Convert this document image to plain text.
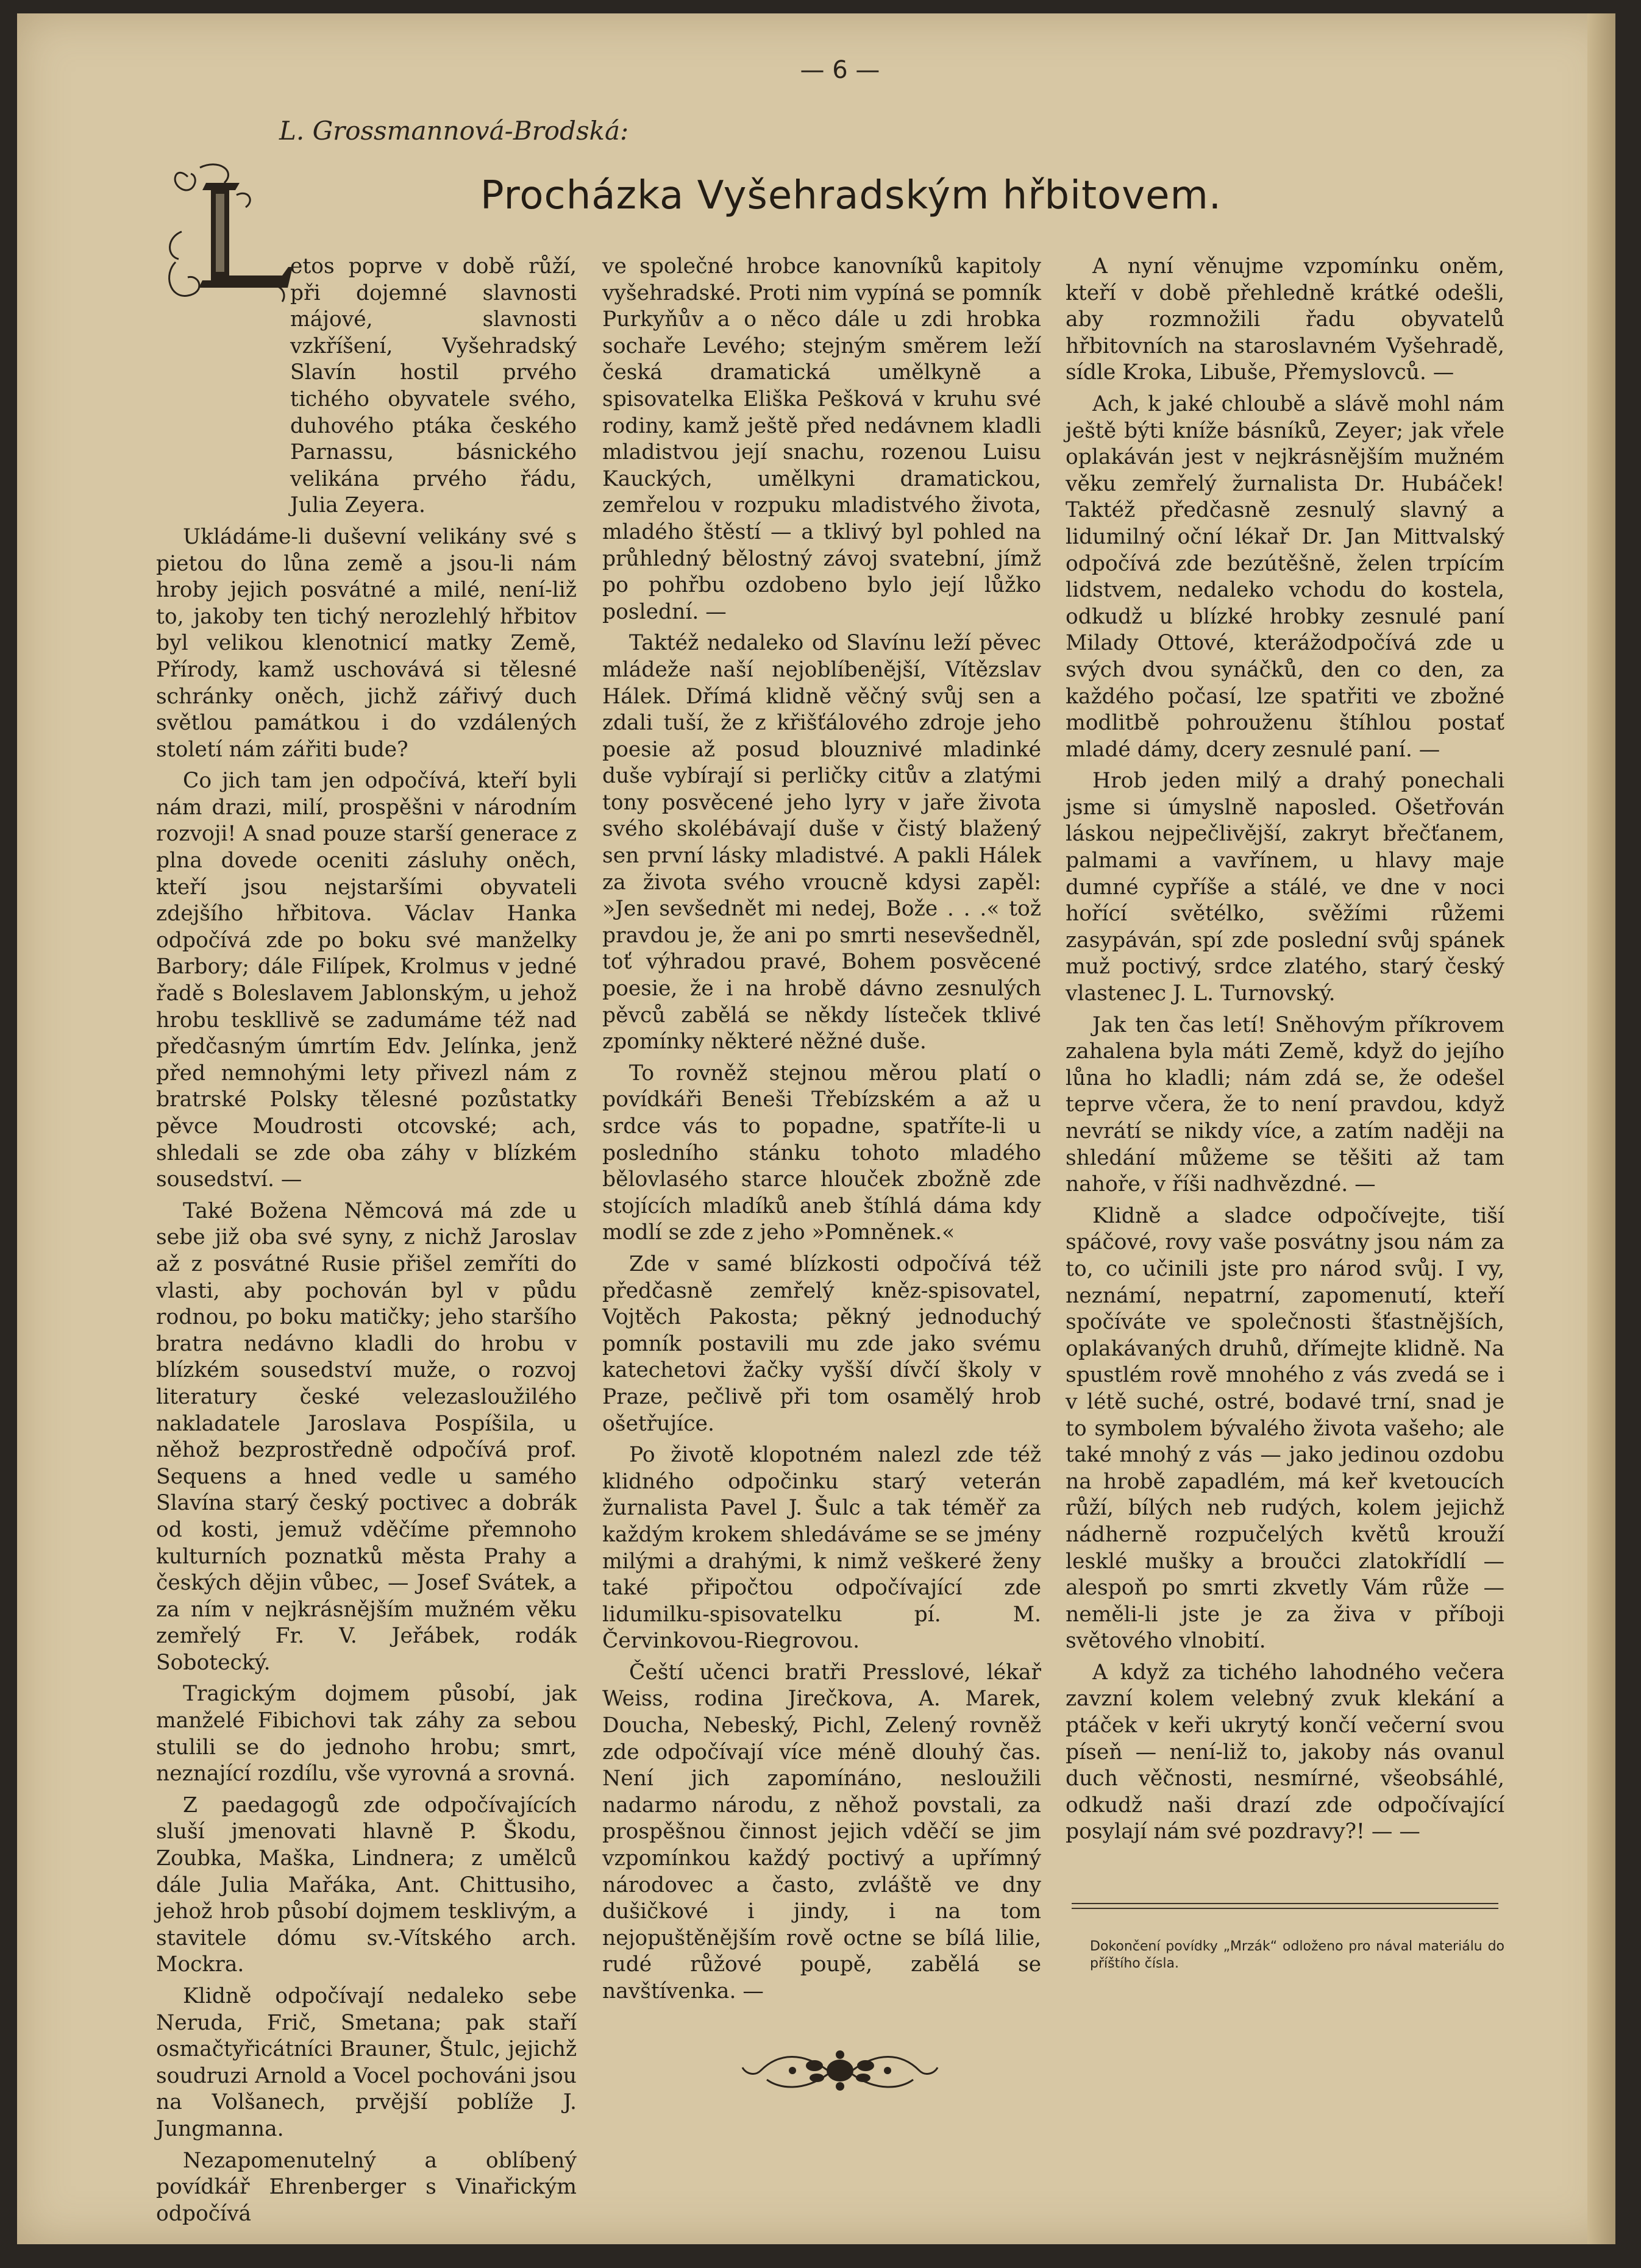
— 6 —
L. Grossmannová-Brodská:
Procházka Vyšehradským hřbitovem.

etos poprve v době růží, při dojemné slavnosti májové, slavnosti vzkříšení, Vyšehradský Slavín hostil prvého tichého obyvatele svého, duhového ptáka českého Parnassu, básnického velikána prvého řádu, Julia Zeyera.

Ukládáme-li duševní velikány své s pietou do lůna země a jsou-li nám hroby jejich posvátné a milé, není-liž to, jakoby ten tichý nerozlehlý hřbitov byl velikou klenotnicí matky Země, Přírody, kamž uschovává si tělesné schránky oněch, jichž zářivý duch světlou památkou i do vzdálených století nám zářiti bude?

Co jich tam jen odpočívá, kteří byli nám drazi, milí, prospěšni v národním rozvoji! A snad pouze starší generace z plna dovede oceniti zásluhy oněch, kteří jsou nejstaršími obyvateli zdejšího hřbitova. Václav Hanka odpočívá zde po boku své manželky Barbory; dále Filípek, Krolmus v jedné řadě s Boleslavem Jablonským, u jehož hrobu teskllivě se zadumáme též nad předčasným úmrtím Edv. Jelínka, jenž před nemnohými lety přivezl nám z bratrské Polsky tělesné pozůstatky pěvce Moudrosti otcovské; ach, shledali se zde oba záhy v blízkém sousedství. —

Také Božena Němcová má zde u sebe již oba své syny, z nichž Jaroslav až z posvátné Rusie přišel zemříti do vlasti, aby pochován byl v půdu rodnou, po boku matičky; jeho staršího bratra nedávno kladli do hrobu v blízkém sousedství muže, o rozvoj literatury české velezasloužilého nakladatele Jaroslava Pospíšila, u něhož bezprostředně odpočívá prof. Sequens a hned vedle u samého Slavína starý český poctivec a dobrák od kosti, jemuž vděčíme přemnoho kulturních poznatků města Prahy a českých dějin vůbec, — Josef Svátek, a za ním v nejkrásnějším mužném věku zemřelý Fr. V. Jeřábek, rodák Sobotecký.

Tragickým dojmem působí, jak manželé Fibichovi tak záhy za sebou stulili se do jednoho hrobu; smrt, neznající rozdílu, vše vyrovná a srovná.

Z paedagogů zde odpočívajících sluší jmenovati hlavně P. Škodu, Zoubka, Maška, Lindnera; z umělců dále Julia Mařáka, Ant. Chittusiho, jehož hrob působí dojmem tesklivým, a stavitele dómu sv.-Vítského arch. Mockra.

Klidně odpočívají nedaleko sebe Neruda, Frič, Smetana; pak staří osmačtyřicátníci Brauner, Štulc, jejichž soudruzi Arnold a Vocel pochováni jsou na Volšanech, prvější poblíže J. Jungmanna.

Nezapomenutelný a oblíbený povídkář Ehrenberger s Vinařickým odpočívá

ve společné hrobce kanovníků kapitoly vyšehradské. Proti nim vypíná se pomník Purkyňův a o něco dále u zdi hrobka sochaře Levého; stejným směrem leží česká dramatická umělkyně a spisovatelka Eliška Pešková v kruhu své rodiny, kamž ještě před nedávnem kladli mladistvou její snachu, rozenou Luisu Kauckých, umělkyni dramatickou, zemřelou v rozpuku mladistvého života, mladého štěstí — a tklivý byl pohled na průhledný bělostný závoj svatební, jímž po pohřbu ozdobeno bylo její lůžko poslední. —

Taktéž nedaleko od Slavínu leží pěvec mládeže naší nejoblíbenější, Vítězslav Hálek. Dřímá klidně věčný svůj sen a zdali tuší, že z křišťálového zdroje jeho poesie až posud blouznivé mladinké duše vybírají si perličky citův a zlatými tony posvěcené jeho lyry v jaře života svého skolébávají duše v čistý blažený sen první lásky mladistvé. A pakli Hálek za života svého vroucně kdysi zapěl: »Jen sevšednět mi nedej, Bože . . .« tož pravdou je, že ani po smrti nesevšedněl, toť výhradou pravé, Bohem posvěcené poesie, že i na hrobě dávno zesnulých pěvců zabělá se někdy lísteček tklivé zpomínky některé něžné duše.

To rovněž stejnou měrou platí o povídkáři Beneši Třebízském a až u srdce vás to popadne, spatříte-li u posledního stánku tohoto mladého bělovlasého starce hlouček zbožně zde stojících mladíků aneb štíhlá dáma kdy modlí se zde z jeho »Pomněnek.«

Zde v samé blízkosti odpočívá též předčasně zemřelý kněz-spisovatel, Vojtěch Pakosta; pěkný jednoduchý pomník postavili mu zde jako svému katechetovi žačky vyšší dívčí školy v Praze, pečlivě při tom osamělý hrob ošetřujíce.

Po životě klopotném nalezl zde též klidného odpočinku starý veterán žurnalista Pavel J. Šulc a tak téměř za každým krokem shledáváme se se jmény milými a drahými, k nimž veškeré ženy také připočtou odpočívající zde lidumilku-spisovatelku pí. M. Červinkovou-Riegrovou.

Čeští učenci bratři Presslové, lékař Weiss, rodina Jirečkova, A. Marek, Doucha, Nebeský, Pichl, Zelený rovněž zde odpočívají více méně dlouhý čas. Není jich zapomínáno, nesloužili nadarmo národu, z něhož povstali, za prospěšnou činnost jejich vděčí se jim vzpomínkou každý poctivý a upřímný národovec a často, zvláště ve dny dušičkové i jindy, i na tom nejopuštěnějším rově octne se bílá lilie, rudé růžové poupě, zabělá se navštívenka. —

A nyní věnujme vzpomínku oněm, kteří v době přehledně krátké odešli, aby rozmnožili řadu obyvatelů hřbitovních na staroslavném Vyšehradě, sídle Kroka, Libuše, Přemyslovců. —

Ach, k jaké chloubě a slávě mohl nám ještě býti kníže básníků, Zeyer; jak vřele oplakáván jest v nejkrásnějším mužném věku zemřelý žurnalista Dr. Hubáček! Taktéž předčasně zesnulý slavný a lidumilný oční lékař Dr. Jan Mittvalský odpočívá zde bezútěšně, želen trpícím lidstvem, nedaleko vchodu do kostela, odkudž u blízké hrobky zesnulé paní Milady Ottové, kterážodpočívá zde u svých dvou synáčků, den co den, za každého počasí, lze spatřiti ve zbožné modlitbě pohrouženu štíhlou postať mladé dámy, dcery zesnulé paní. —

Hrob jeden milý a drahý ponechali jsme si úmyslně naposled. Ošetřován láskou nejpečlivější, zakryt břečťanem, palmami a vavřínem, u hlavy maje dumné cypříše a stálé, ve dne v noci hořící světélko, svěžími růžemi zasypáván, spí zde poslední svůj spánek muž poctivý, srdce zlatého, starý český vlastenec J. L. Turnovský.

Jak ten čas letí! Sněhovým příkrovem zahalena byla máti Země, když do jejího lůna ho kladli; nám zdá se, že odešel teprve včera, že to není pravdou, když nevrátí se nikdy více, a zatím naději na shledání můžeme se těšiti až tam nahoře, v říši nadhvězdné. —

Klidně a sladce odpočívejte, tiší spáčové, rovy vaše posvátny jsou nám za to, co učinili jste pro národ svůj. I vy, neznámí, nepatrní, zapomenutí, kteří spočíváte ve společnosti šťastnějších, oplakávaných druhů, dřímejte klidně. Na spustlém rově mnohého z vás zvedá se i v létě suché, ostré, bodavé trní, snad je to symbolem bývalého života vašeho; ale také mnohý z vás — jako jedinou ozdobu na hrobě zapadlém, má keř kvetoucích růží, bílých neb rudých, kolem jejichž nádherně rozpučelých květů krouží lesklé mušky a broučci zlatokřídlí — alespoň po smrti zkvetly Vám růže — neměli-li jste je za živa v příboji světového vlnobití.

A když za tichého lahodného večera zavzní kolem velebný zvuk klekání a ptáček v keři ukrytý končí večerní svou píseň — není-liž to, jakoby nás ovanul duch věčnosti, nesmírné, všeobsáhlé, odkudž naši drazí zde odpočívající posylají nám své pozdravy?! — —

Dokončení povídky „Mrzák“ odloženo pro nával materiálu do příštího čísla.
